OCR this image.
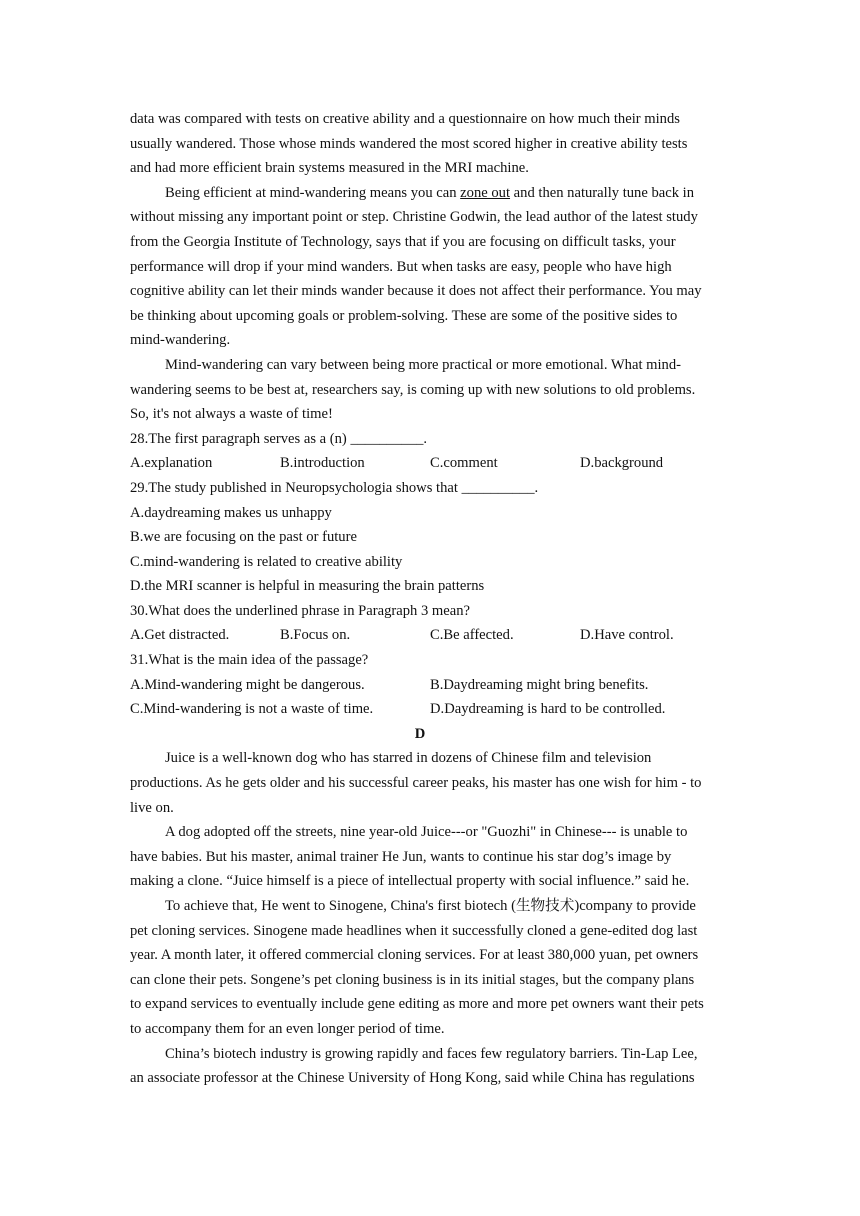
data was compared with tests on creative ability and a questionnaire on how much their minds
usually wandered. Those whose minds wandered the most scored higher in creative ability tests
and had more efficient brain systems measured in the MRI machine.
Being efficient at mind-wandering means you can zone out and then naturally tune back in
without missing any important point or step. Christine Godwin, the lead author of the latest study
from the Georgia Institute of Technology, says that if you are focusing on difficult tasks, your
performance will drop if your mind wanders. But when tasks are easy, people who have high
cognitive ability can let their minds wander because it does not affect their performance. You may
be thinking about upcoming goals or problem-solving. These are some of the positive sides to
mind-wandering.
Mind-wandering can vary between being more practical or more emotional. What mind-
wandering seems to be best at, researchers say, is coming up with new solutions to old problems.
So, it's not always a waste of time!
28.The first paragraph serves as a (n) __________.
A.explanation	B.introduction	C.comment	D.background
29.The study published in Neuropsychologia shows that __________.
A.daydreaming makes us unhappy
B.we are focusing on the past or future
C.mind-wandering is related to creative ability
D.the MRI scanner is helpful in measuring the brain patterns
30.What does the underlined phrase in Paragraph 3 mean?
A.Get distracted.	B.Focus on.	C.Be affected.	D.Have control.
31.What is the main idea of the passage?
A.Mind-wandering might be dangerous.	B.Daydreaming might bring benefits.
C.Mind-wandering is not a waste of time.	D.Daydreaming is hard to be controlled.
D
Juice is a well-known dog who has starred in dozens of Chinese film and television
productions. As he gets older and his successful career peaks, his master has one wish for him - to
live on.
A dog adopted off the streets, nine year-old Juice---or "Guozhi" in Chinese--- is unable to
have babies. But his master, animal trainer He Jun, wants to continue his star dog’s image by
making a clone. “Juice himself is a piece of intellectual property with social influence.” said he.
To achieve that, He went to Sinogene, China's first biotech (生物技术)company to provide
pet cloning services. Sinogene made headlines when it successfully cloned a gene-edited dog last
year. A month later, it offered commercial cloning services. For at least 380,000 yuan, pet owners
can clone their pets. Songene’s pet cloning business is in its initial stages, but the company plans
to expand services to eventually include gene editing as more and more pet owners want their pets
to accompany them for an even longer period of time.
China’s biotech industry is growing rapidly and faces few regulatory barriers. Tin-Lap Lee,
an associate professor at the Chinese University of Hong Kong, said while China has regulations
